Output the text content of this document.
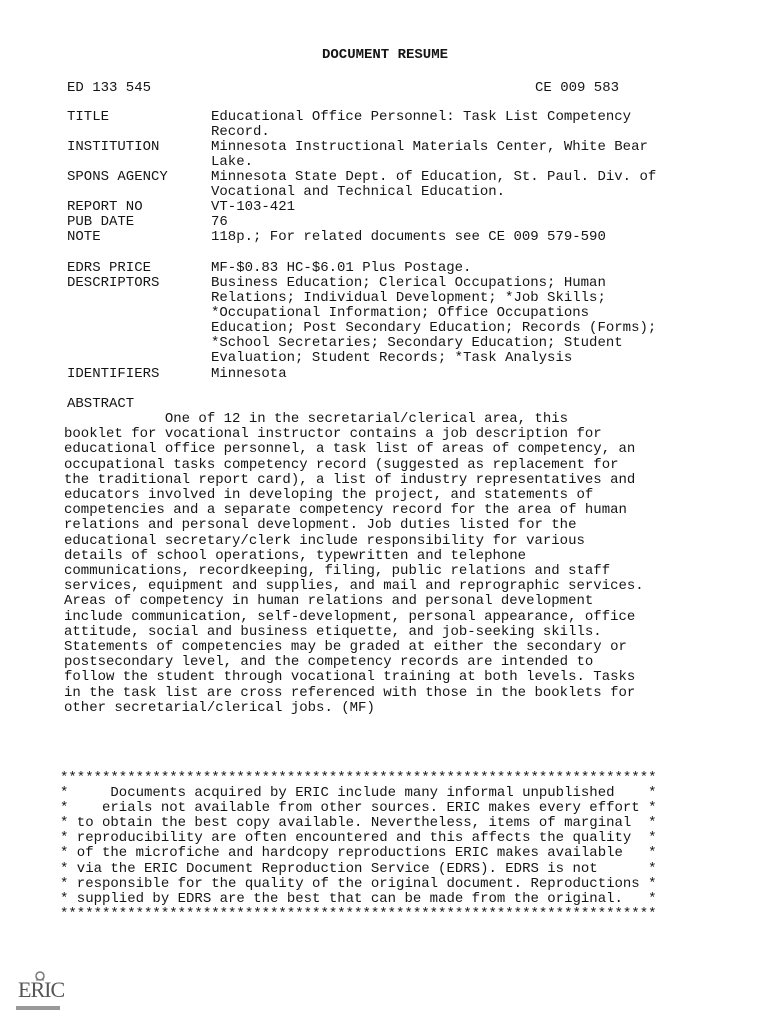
DOCUMENT RESUME
ED 133 545	CE 009 583
TITLE	Educational Office Personnel: Task List Competency
Record.
INSTITUTION	Minnesota Instructional Materials Center, White Bear
Lake.
SPONS AGENCY	Minnesota State Dept. of Education, St. Paul. Div. of
Vocational and Technical Education.
REPORT NO	VT-103-421
PUB DATE	76
NOTE	118p.; For related documents see CE 009 579-590
EDRS PRICE	MF-$0.83 HC-$6.01 Plus Postage.
DESCRIPTORS	Business Education; Clerical Occupations; Human
Relations; Individual Development; *Job Skills;
*Occupational Information; Office Occupations
Education; Post Secondary Education; Records (Forms);
*School Secretaries; Secondary Education; Student
Evaluation; Student Records; *Task Analysis
IDENTIFIERS	Minnesota
ABSTRACT
One of 12 in the secretarial/clerical area, this
booklet for vocational instructor contains a job description for
educational office personnel, a task list of areas of competency, an
occupational tasks competency record (suggested as replacement for
the traditional report card), a list of industry representatives and
educators involved in developing the project, and statements of
competencies and a separate competency record for the area of human
relations and personal development. Job duties listed for the
educational secretary/clerk include responsibility for various
details of school operations, typewritten and telephone
communications, recordkeeping, filing, public relations and staff
services, equipment and supplies, and mail and reprographic services.
Areas of competency in human relations and personal development
include communication, self-development, personal appearance, office
attitude, social and business etiquette, and job-seeking skills.
Statements of competencies may be graded at either the secondary or
postsecondary level, and the competency records are intended to
follow the student through vocational training at both levels. Tasks
in the task list are cross referenced with those in the booklets for
other secretarial/clerical jobs. (MF)
***********************************************************************
*     Documents acquired by ERIC include many informal unpublished    *
*    erials not available from other sources. ERIC makes every effort *
* to obtain the best copy available. Nevertheless, items of marginal  *
* reproducibility are often encountered and this affects the quality  *
* of the microfiche and hardcopy reproductions ERIC makes available   *
* via the ERIC Document Reproduction Service (EDRS). EDRS is not      *
* responsible for the quality of the original document. Reproductions *
* supplied by EDRS are the best that can be made from the original.   *
***********************************************************************
ERIC
